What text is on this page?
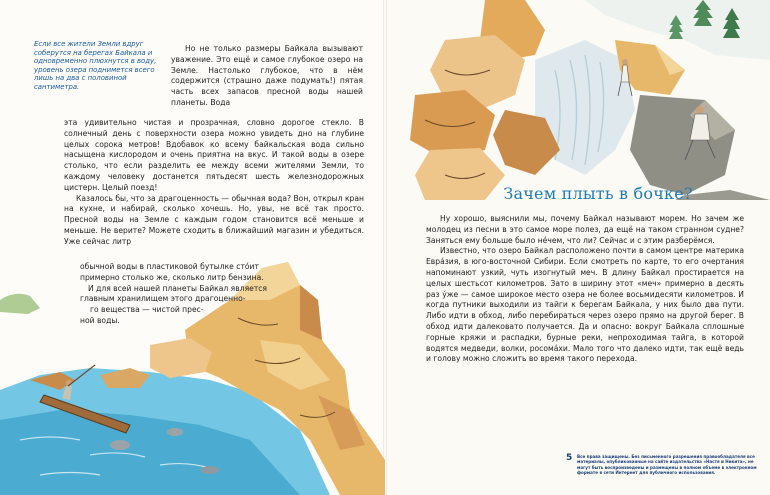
Если все жители Земли вдруг соберутся на берегах Байкала и одновременно плюхнутся в воду, уровень озера поднимется всего лишь на два с половиной сантиметра.

Но не только размеры Байкала вызывают уважение. Это ещё и самое глубокое озеро на Земле. Настолько глубокое, что в нём содержится (страшно даже подумать!) пятая часть всех запасов пресной воды нашей планеты. Вода

эта удивительно чистая и прозрачная, словно дорогое стекло. В солнечный день с поверхности озера можно увидеть дно на глубине целых сорока метров! Вдобавок ко всему байкальская вода сильно насыщена кислородом и очень приятна на вкус. И такой воды в озере столько, что если разделить ее между всеми жителями Земли, то каждому человеку достанется пятьдесят шесть железнодорожных цистерн. Целый поезд!

Казалось бы, что за драгоценность — обычная вода? Вон, открыл кран на кухне, и набирай, сколько хочешь. Но, увы, не всё так просто. Пресной воды на Земле с каждым годом становится всё меньше и меньше. Не верите? Можете сходить в ближайший магазин и убедиться. Уже сейчас литр

обычной воды в пластиковой бутылке стóит

примерно столько же, сколько литр бензина.

И для всей нашей планеты Байкал является

главным хранилищем этого драгоценно-

го вещества — чистой прес-

ной воды.

Зачем плыть в бочке?

Ну хорошо, выяснили мы, почему Байкал называют морем. Но зачем же молодец из песни в это самое море полез, да ещё на таком странном судне? Заняться ему больше было нéчем, что ли? Сейчас и с этим разберёмся.

Известно, что озеро Байкал расположено почти в самом центре материка Евра́зия, в юго-восточной Сибири. Если смотреть по карте, то его очертания напоминают узкий, чуть изогнутый меч. В длину Байкал простирается на целых шестьсот километров. Зато в ширину этот «меч» примерно в десять раз у́же — самое широкое место озера не более восьмидесяти километров. И когда путники выходили из тайги к берегам Байкала, у них было два пути. Либо идти в обход, либо перебираться через озеро прямо на другой берег. В обход идти далековато получается. Да и опасно: вокруг Байкала сплошные горные кряжи и распадки, бурные реки, непроходимая тайга, в которой водятся медведи, волки, росомáхи. Мало того что далеко идти, так ещё ведь и голову можно сложить во время такого перехода.

5 Все права защищены. Без письменного разрешения правообладателя все материалы, опубликованные на сайте издательства «Настя и Никита», не могут быть воспроизведены и размещены в полном объеме в электронном формате в сети Интернет для публичного использования.
